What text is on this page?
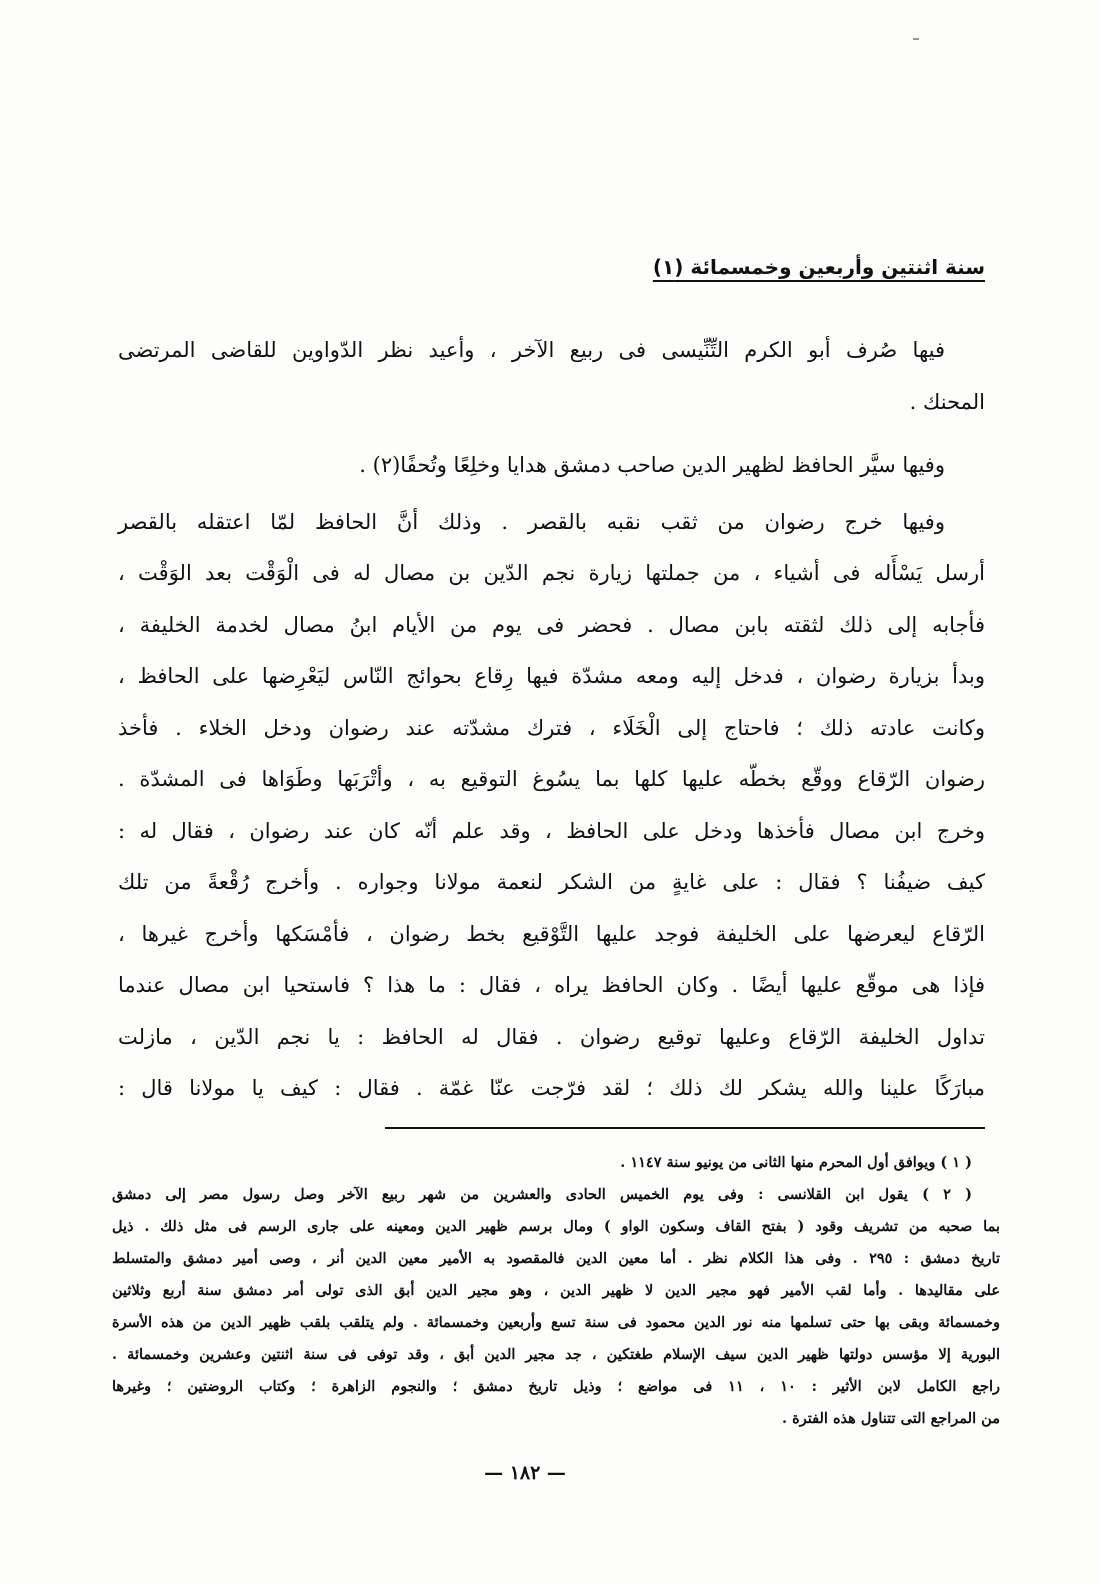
سنة اثنتين وأربعين وخمسمائة (١)
فيها صُرف أبو الكرم التِّنِّيسى فى ربيع الآخر ، وأعيد نظر الدّواوين للقاضى المرتضى
المحنك .
وفيها سيَّر الحافظ لظهير الدين صاحب دمشق هدايا وخلِعًا وتُحفًا(٢) .
وفيها خرج رضوان من ثقب نقبه بالقصر . وذلك أنَّ الحافظ لمّا اعتقله بالقصر
أرسل يَسْأَله فى أشياء ، من جملتها زيارة نجم الدّين بن مصال له فى الْوَقْت بعد الوَقْت ،
فأجابه إلى ذلك لثقته بابن مصال . فحضر فى يوم من الأيام ابنُ مصال لخدمة الخليفة ،
وبدأ بزيارة رضوان ، فدخل إليه ومعه مشدّة فيها رِقاع بحوائج النّاس ليَعْرِضها على الحافظ ،
وكانت عادته ذلك ؛ فاحتاج إلى الْخَلَاء ، فترك مشدّته عند رضوان ودخل الخلاء . فأخذ
رضوان الرّقاع ووقّع بخطّه عليها كلها بما يسُوغ التوقيع به ، وأتْرَبَها وطَوَاها فى المشدّة .
وخرج ابن مصال فأخذها ودخل على الحافظ ، وقد علم أنّه كان عند رضوان ، فقال له :
كيف ضيفُنا ؟ فقال : على غايةٍ من الشكر لنعمة مولانا وجواره . وأخرج رُقْعةً من تلك
الرّقاع ليعرضها على الخليفة فوجد عليها التَّوْقيع بخط رضوان ، فأمْسَكها وأخرج غيرها ،
فإذا هى موقّع عليها أيضًا . وكان الحافظ يراه ، فقال : ما هذا ؟ فاستحيا ابن مصال عندما
تداول الخليفة الرّقاع وعليها توقيع رضوان . فقال له الحافظ : يا نجم الدّين ، مازلت
مبارَكًا علينا والله يشكر لك ذلك ؛ لقد فرّجت عنّا غمّة . فقال : كيف يا مولانا قال :
( ١ ) ويوافق أول المحرم منها الثانى من يونيو سنة ١١٤٧ .
( ٢ ) يقول ابن القلانسى : وفى يوم الخميس الحادى والعشرين من شهر ربيع الآخر وصل رسول مصر إلى دمشق
بما صحبه من تشريف وقود ( بفتح القاف وسكون الواو ) ومال برسم ظهير الدين ومعينه على جارى الرسم فى مثل ذلك . ذيل
تاريخ دمشق : ٢٩٥ . وفى هذا الكلام نظر . أما معين الدين فالمقصود به الأمير معين الدين أنر ، وصى أمير دمشق والمتسلط
على مقاليدها . وأما لقب الأمير فهو مجير الدين لا ظهير الدين ، وهو مجير الدين أبق الذى تولى أمر دمشق سنة أربع وثلاثين
وخمسمائة وبقى بها حتى تسلمها منه نور الدين محمود فى سنة تسع وأربعين وخمسمائة . ولم يتلقب بلقب ظهير الدين من هذه الأسرة
البورية إلا مؤسس دولتها ظهير الدين سيف الإسلام طغتكين ، جد مجير الدين أبق ، وقد توفى فى سنة اثنتين وعشرين وخمسمائة .
راجع الكامل لابن الأثير : ١٠ ، ١١ فى مواضع ؛ وذيل تاريخ دمشق ؛ والنجوم الزاهرة ؛ وكتاب الروضتين ؛ وغيرها
من المراجع التى تتناول هذه الفترة .
— ١٨٢ —
